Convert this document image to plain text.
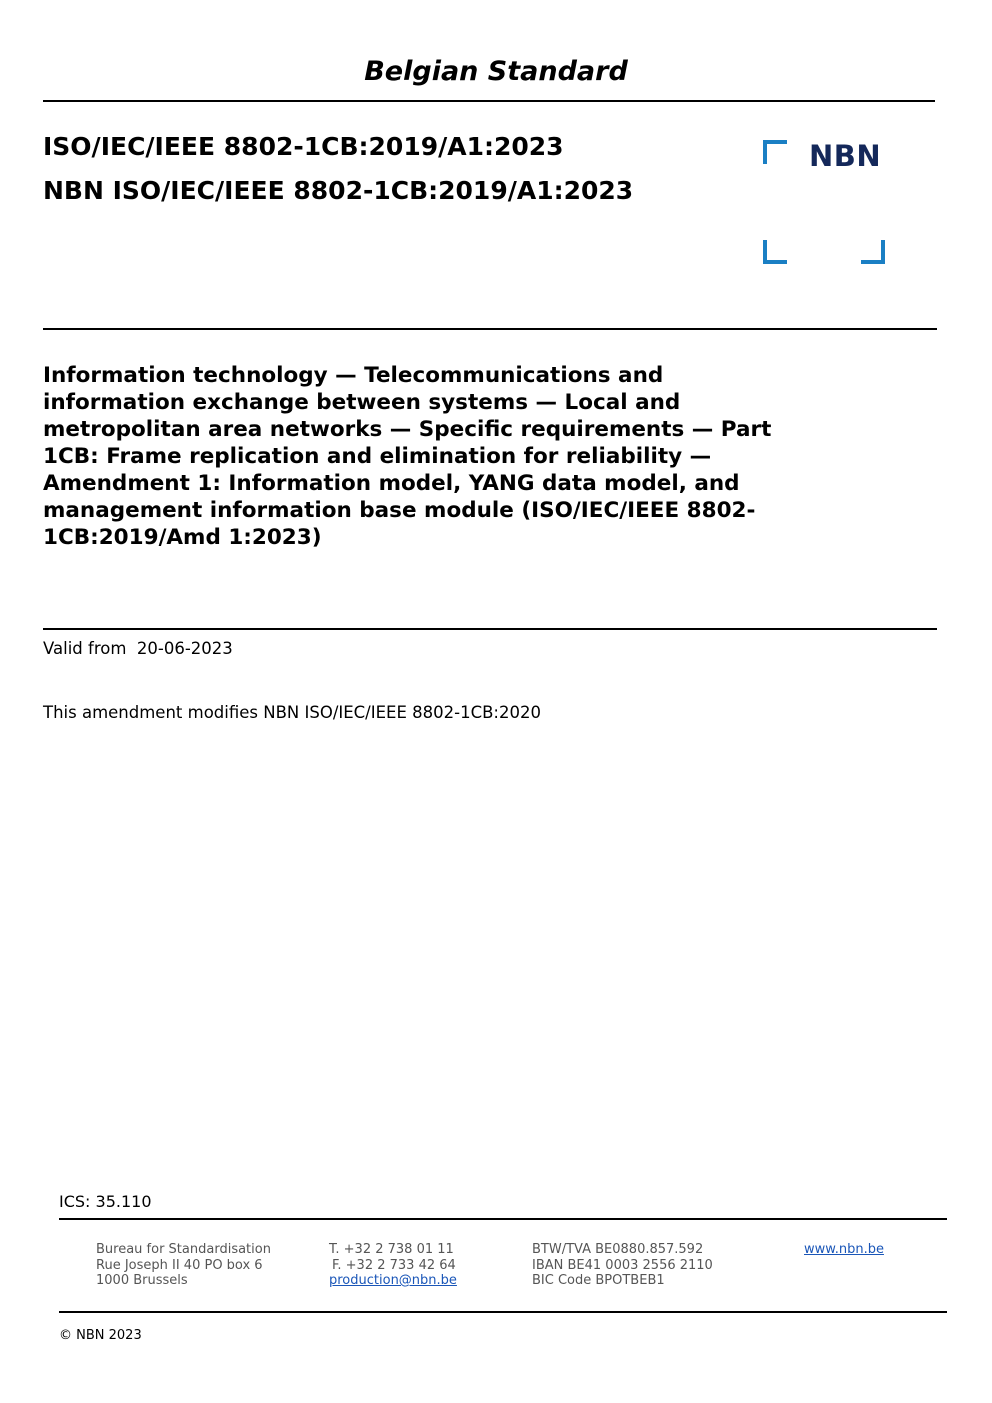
Belgian Standard
ISO/IEC/IEEE 8802-1CB:2019/A1:2023
NBN ISO/IEC/IEEE 8802-1CB:2019/A1:2023
NBN
Information technology — Telecommunications and
information exchange between systems — Local and
metropolitan area networks — Specific requirements — Part
1CB: Frame replication and elimination for reliability —
Amendment 1: Information model, YANG data model, and
management information base module (ISO/IEC/IEEE 8802-
1CB:2019/Amd 1:2023)
Valid from 20-06-2023
This amendment modifies NBN ISO/IEC/IEEE 8802-1CB:2020
ICS: 35.110
Bureau for Standardisation
Rue Joseph II 40 PO box 6
1000 Brussels
T. +32 2 738 01 11
F. +32 2 733 42 64
production@nbn.be
BTW/TVA BE0880.857.592
IBAN BE41 0003 2556 2110
BIC Code BPOTBEB1
www.nbn.be
© NBN 2023
